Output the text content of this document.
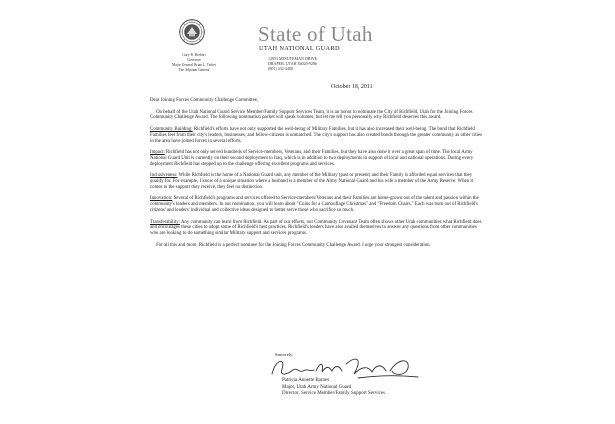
Gary R. Herbert
Governor
Major General Brian L. Tarbet
The Adjutant General
State of Utah
UTAH NATIONAL GUARD
12953 MINUTEMAN DRIVE
DRAPER, UTAH 84020-9286
(801) 432-4400
October 18, 2011

Dear Joining Forces Community Challenge Committee,

On behalf of the Utah National Guard Service Member/Family Support Services Team, it is an honor to nominate the City of Richfield, Utah for the Joining Forces Community Challenge Award. The following nomination packet will speak volumes, but let me tell you personally why Richfield deserves this award.

Community Building: Richfield's efforts have not only supported the well-being of Military Families, but it has also increased their well-being. The bond that Richfield Families feel from their city's leaders, businesses, and fellow-citizens is unmatched. The city's support has also created bonds through the greater community as other cities in the area have joined forces in several efforts.

Impact: Richfield has not only served hundreds of Service-members, Veterans, and their Families, but they have also done it over a great span of time. The local Army National Guard Unit is currently on their second deployment to Iraq, which is in addition to two deployments in support of local and national operations. During every deployment Richfield has stepped up to the challenge offering excellent programs and services.

Inclusiveness: While Richfield is the home of a National Guard unit, any member of the Military (past or present) and their Family is afforded equal services that they qualify for. For example, I know of a unique situation where a husband is a member of the Army National Guard and his wife a member of the Army Reserve. When it comes to the support they receive, they feel no distinction.

Innovation: Several of Richfield's programs and services offered to Service-members/Veterans and their Families are home-grown out of the talent and passion within the community's leaders and members. In our nomination, you will learn about "Coins for a Camouflage Christmas" and "Freedom Chairs." Each was born out of Richfield's citizens' and leaders' individual and collective ideas designed to better serve those who sacrifice so much.

Transferability: Any community can learn from Richfield. As part of our efforts, our Community Covenant Team often shows other Utah communities what Richfield does and encourages these cities to adopt some of Richfield's best practices. Richfield's leaders have also availed themselves to answer any questions from other communities who are looking to do something similar Military support and services programs.

For all this and more, Richfield is a perfect nominee for the Joining Forces Community Challenge Award. I urge your strongest consideration.

Sincerely,
Patricia Annette Barnes
Major, Utah Army National Guard
Director, Service Member/Family Support Services
